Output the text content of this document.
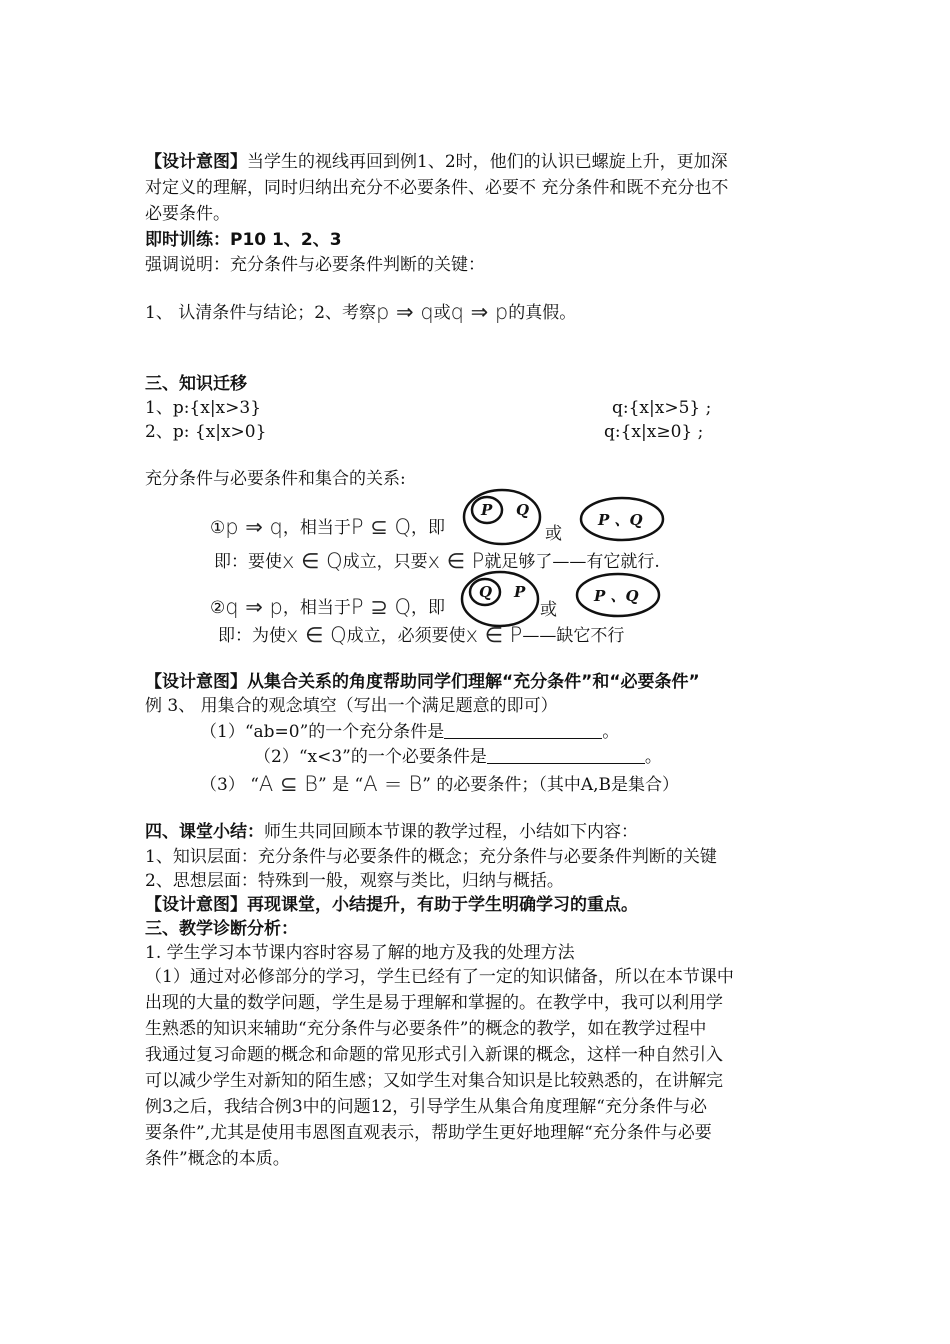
【设计意图】当学生的视线再回到例1、2时，他们的认识已螺旋上升，更加深
对定义的理解，同时归纳出充分不必要条件、必要不 充分条件和既不充分也不
必要条件。
即时训练：P10 1、2、3
强调说明：充分条件与必要条件判断的关键：
1、 认清条件与结论；2、考察p ⇒ q或q ⇒ p的真假。
三、知识迁移
1、p:{x|x>3}	q:{x|x>5} ;
2、p: {x|x>0}	q:{x|x≥0} ;
充分条件与必要条件和集合的关系:
①p ⇒ q，相当于P ⊆ Q，即
P Q
或
P 、Q
即：要使x ∈ Q成立，只要x ∈ P就足够了——有它就行.
②q ⇒ p，相当于P ⊇ Q，即
Q P
或
P 、Q
即：为使x ∈ Q成立，必须要使x ∈ P——缺它不行
【设计意图】从集合关系的角度帮助同学们理解“充分条件”和“必要条件”
例 3、 用集合的观念填空（写出一个满足题意的即可）
（1）“ab=0”的一个充分条件是	。
（2）“x<3”的一个必要条件是	。
（3） “A ⊆ B” 是 “A = B” 的必要条件；（其中A,B是集合）
四、课堂小结：师生共同回顾本节课的教学过程，小结如下内容：
1、知识层面：充分条件与必要条件的概念；充分条件与必要条件判断的关键
2、思想层面：特殊到一般，观察与类比，归纳与概括。
【设计意图】再现课堂，小结提升，有助于学生明确学习的重点。
三、教学诊断分析：
1. 学生学习本节课内容时容易了解的地方及我的处理方法
（1）通过对必修部分的学习，学生已经有了一定的知识储备，所以在本节课中
出现的大量的数学问题，学生是易于理解和掌握的。在教学中，我可以利用学
生熟悉的知识来辅助“充分条件与必要条件”的概念的教学，如在教学过程中
我通过复习命题的概念和命题的常见形式引入新课的概念，这样一种自然引入
可以减少学生对新知的陌生感；又如学生对集合知识是比较熟悉的，在讲解完
例3之后，我结合例3中的问题12，引导学生从集合角度理解“充分条件与必
要条件”,尤其是使用韦恩图直观表示，帮助学生更好地理解“充分条件与必要
条件”概念的本质。
